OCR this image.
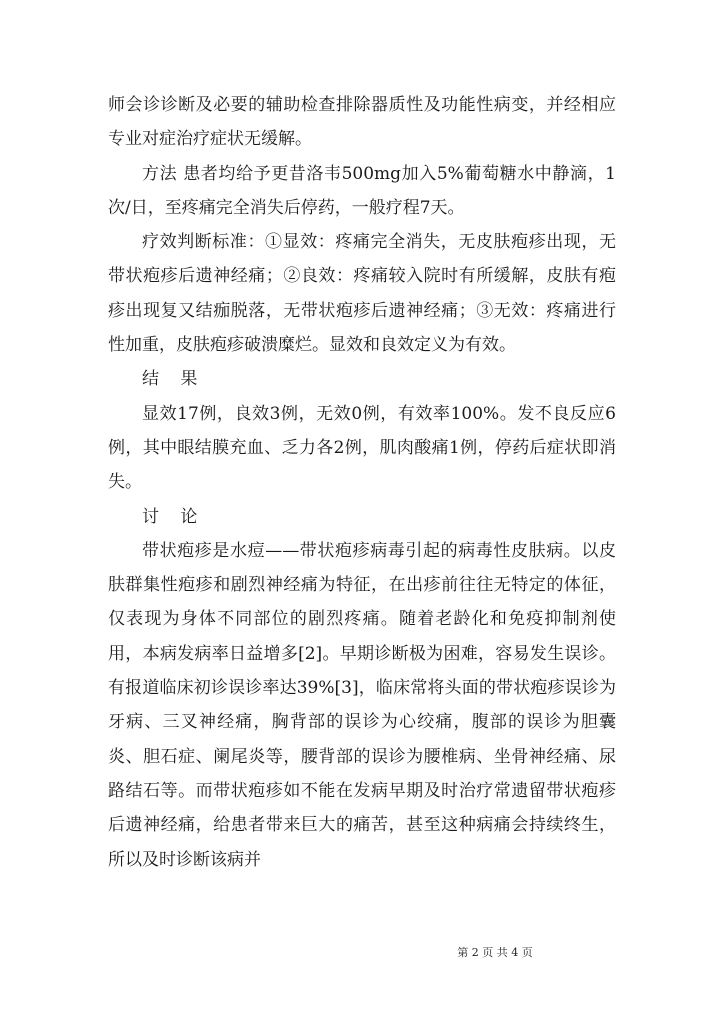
师会诊诊断及必要的辅助检查排除器质性及功能性病变，并经相应专业对症治疗症状无缓解。

方法 患者均给予更昔洛韦500mg加入5%葡萄糖水中静滴，1次/日，至疼痛完全消失后停药，一般疗程7天。

疗效判断标准：①显效：疼痛完全消失，无皮肤疱疹出现，无带状疱疹后遗神经痛；②良效：疼痛较入院时有所缓解，皮肤有疱疹出现复又结痂脱落，无带状疱疹后遗神经痛；③无效：疼痛进行性加重，皮肤疱疹破溃糜烂。显效和良效定义为有效。

结 果

显效17例，良效3例，无效0例，有效率100%。发不良反应6例，其中眼结膜充血、乏力各2例，肌肉酸痛1例，停药后症状即消失。

讨 论

带状疱疹是水痘——带状疱疹病毒引起的病毒性皮肤病。以皮肤群集性疱疹和剧烈神经痛为特征，在出疹前往往无特定的体征，仅表现为身体不同部位的剧烈疼痛。随着老龄化和免疫抑制剂使用，本病发病率日益增多[2]。早期诊断极为困难，容易发生误诊。有报道临床初诊误诊率达39%[3]，临床常将头面的带状疱疹误诊为牙病、三叉神经痛，胸背部的误诊为心绞痛，腹部的误诊为胆囊炎、胆石症、阑尾炎等，腰背部的误诊为腰椎病、坐骨神经痛、尿路结石等。而带状疱疹如不能在发病早期及时治疗常遗留带状疱疹后遗神经痛，给患者带来巨大的痛苦，甚至这种病痛会持续终生，所以及时诊断该病并

第 2 页 共 4 页
